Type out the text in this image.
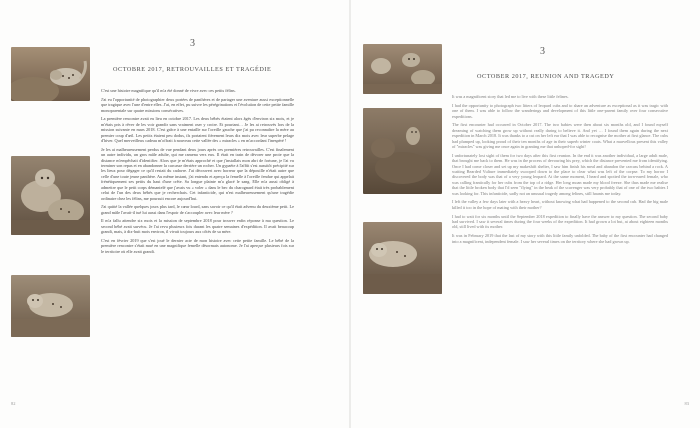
3
OCTOBRE 2017, RETROUVAILLES ET TRAGÉDIE

C'est une histoire magnifique qu'il m'a été donné de vivre avec ces petits félins.

J'ai eu l'opportunité de photographier deux portées de panthères et de partager une aventure aussi exceptionnelle que tragique avec l'une d'entre elles. J'ai, en effet, pu suivre les pérégrinations et l'évolution de cette petite famille monoparentale sur quatre missions consécutives.

La première rencontre avait eu lieu en octobre 2017. Les deux bébés étaient alors âgés d'environ six mois, et je m'étais pris à rêver de les voir grandir sans vraiment oser y croire. Et pourtant… Je les ai retrouvés lors de la mission suivante en mars 2018. C'est grâce à une entaille sur l'oreille gauche que j'ai pu reconnaître la mère au premier coup d'œil. Les petits étaient peu dodus, ils portaient fièrement leurs dix mois avec leur superbe pelage d'hiver. Quel merveilleux cadeau m'offrait à nouveau cette vallée des « miracles » en m'accordant l'inespéré !

Je les ai malheureusement perdus de vue pendant deux jours après ces premières retrouvailles. C'est finalement un autre individu, un gros mâle adulte, qui me ramena vers eux. Il était en train de dévorer une proie que la distance m'empêchait d'identifier. Alors que je m'étais approché et que j'installais mon abri de fortune, je l'ai vu terminer son repas et en abandonner la carcasse derrière un rocher. Un gypaète à l'affût s'est aussitôt précipité sur les lieux pour dégager ce qu'il restait du cadavre. J'ai découvert avec horreur que la dépouille n'était autre que celle d'une toute jeune panthère. Au même instant, j'ai entendu et aperçu la femelle à l'oreille fendue qui appelait frénétiquement ses petits du haut d'une crête. Sa longue plainte m'a glacé le sang. Elle m'a aussi obligé à admettre que le petit corps démantelé que j'avais vu « voler » dans le bec du charognard était très probablement celui de l'un des deux bébés que je recherchais. Cet infanticide, qui n'est malheureusement qu'une tragédie ordinaire chez les félins, me poursuit encore aujourd'hui.

J'ai quitté la vallée quelques jours plus tard, le cœur lourd, sans savoir ce qu'il était advenu du deuxième petit. Le grand mâle l'avait-il tué lui aussi dans l'espoir de s'accoupler avec leur mère ?

Il m'a fallu attendre six mois et la mission de septembre 2018 pour trouver enfin réponse à ma question. Le second bébé avait survécu. Je l'ai revu plusieurs fois durant les quatre semaines d'expédition. Il avait beaucoup grandi, mais, à dix-huit mois environ, il vivait toujours aux côtés de sa mère.

C'est en février 2019 que s'est joué le dernier acte de mon histoire avec cette petite famille. Le bébé de la première rencontre s'était mué en une magnifique femelle désormais autonome. Je l'ai aperçue plusieurs fois sur le territoire où elle avait grandi.

82
3
OCTOBER 2017, REUNION AND TRAGEDY

It was a magnificent story that led me to live with these little felines.

I had the opportunity to photograph two litters of leopard cubs and to share an adventure as exceptional as it was tragic with one of them. I was able to follow the wanderings and development of this little one-parent family over four consecutive expeditions.

The first encounter had occurred in October 2017. The two babies were then about six months old, and I found myself dreaming of watching them grow up without really daring to believe it. And yet … I found them again during the next expedition in March 2018. It was thanks to a cut on her left ear that I was able to recognise the mother at first glance. The cubs had plumped up, looking proud of their ten months of age in their superb winter coats. What a marvellous present this valley of "miracles" was giving me once again in granting me that unhoped-for sight!

I unfortunately lost sight of them for two days after this first reunion. In the end it was another individual, a large adult male, that brought me back to them. He was in the process of devouring his prey, which the distance prevented me from identifying. Once I had come closer and set up my makeshift shelter, I saw him finish his meal and abandon the carcass behind a rock. A waiting Bearded Vulture immediately swooped down to the place to clear what was left of the corpse. To my horror I discovered the body was that of a very young leopard. At the same moment, I heard and spotted the torn-eared female, who was calling frantically for her cubs from the top of a ridge. Her long moan made my blood freeze. She thus made me realise that the little broken body that I'd seen "flying" in the beak of the scavenger was very probably that of one of the two babies I was looking for. This infanticide, sadly not an unusual tragedy among felines, still haunts me today.

I left the valley a few days later with a heavy heart, without knowing what had happened to the second cub. Had the big male killed it too in the hope of mating with their mother?

I had to wait for six months until the September 2018 expedition to finally have the answer to my question. The second baby had survived. I saw it several times during the four weeks of the expedition. It had grown a lot but, at about eighteen months old, still lived with its mother.

It was in February 2019 that the last of my story with this little family unfolded. The baby of the first encounter had changed into a magnificent, independent female. I saw her several times on the territory where she had grown up.

83
